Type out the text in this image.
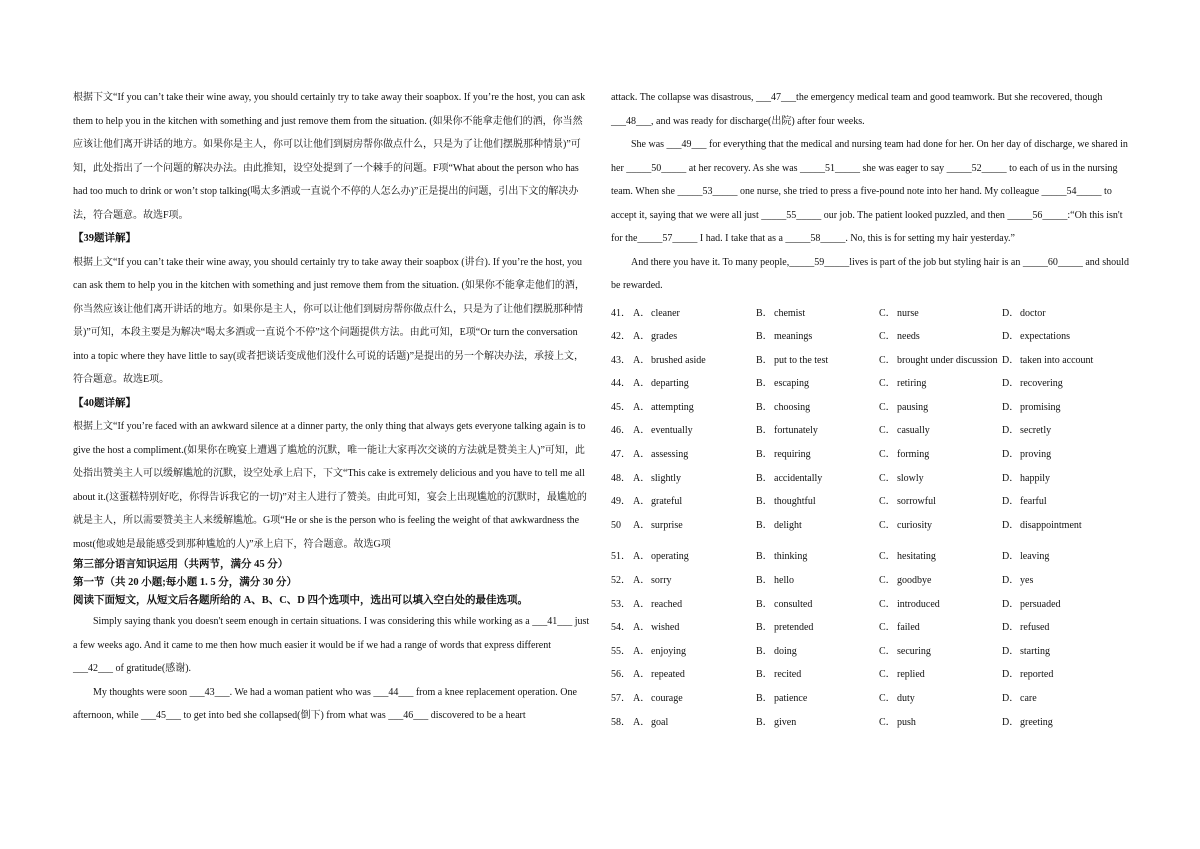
根据下文“If you can’t take their wine away, you should certainly try to take away their soapbox. If you’re the host, you can ask them to help you in the kitchen with something and just remove them from the situation. (如果你不能拿走他们的酒，你当然应该让他们离开讲话的地方。如果你是主人，你可以让他们到厨房帮你做点什么，只是为了让他们摆脱那种情景)”可知，此处指出了一个问题的解决办法。由此推知，设空处提到了一个棘手的问题。F项“What about the person who has had too much to drink or won’t stop talking(喝太多酒或一直说个不停的人怎么办)”正是提出的问题，引出下文的解决办法，符合题意。故选F项。

【39题详解】

根据上文“If you can’t take their wine away, you should certainly try to take away their soapbox (讲台). If you’re the host, you can ask them to help you in the kitchen with something and just remove them from the situation. (如果你不能拿走他们的酒，你当然应该让他们离开讲话的地方。如果你是主人，你可以让他们到厨房帮你做点什么，只是为了让他们摆脱那种情景)”可知，本段主要是为解决“喝太多酒或一直说个不停”这个问题提供方法。由此可知，E项“Or turn the conversation into a topic where they have little to say(或者把谈话变成他们没什么可说的话题)”是提出的另一个解决办法，承接上文，符合题意。故选E项。

【40题详解】

根据上文“If you’re faced with an awkward silence at a dinner party, the only thing that always gets everyone talking again is to give the host a compliment.(如果你在晚宴上遭遇了尴尬的沉默，唯一能让大家再次交谈的方法就是赞美主人)”可知，此处指出赞美主人可以缓解尴尬的沉默，设空处承上启下，下文“This cake is extremely delicious and you have to tell me all about it.(这蛋糕特别好吃，你得告诉我它的一切)”对主人进行了赞美。由此可知，宴会上出现尴尬的沉默时，最尴尬的就是主人，所以需要赞美主人来缓解尴尬。G项“He or she is the person who is feeling the weight of that awkwardness the most(他或她是最能感受到那种尴尬的人)”承上启下，符合题意。故选G项

第三部分语言知识运用（共两节，满分 45 分）

第一节（共 20 小题;每小题 1. 5 分，满分 30 分）

阅读下面短文，从短文后各题所给的 A、B、C、D 四个选项中，选出可以填入空白处的最佳选项。

Simply saying thank you doesn't seem enough in certain situations. I was considering this while working as a ___41___ just a few weeks ago. And it came to me then how much easier it would be if we had a range of words that express different ___42___ of gratitude(感谢).

My thoughts were soon ___43___. We had a woman patient who was ___44___ from a knee replacement operation. One afternoon, while ___45___ to get into bed she collapsed(倒下) from what was ___46___ discovered to be a heart

attack. The collapse was disastrous, ___47___the emergency medical team and good teamwork. But she recovered, though ___48___, and was ready for discharge(出院) after four weeks.

She was ___49___ for everything that the medical and nursing team had done for her. On her day of discharge, we shared in her _____50_____ at her recovery. As she was _____51_____ she was eager to say _____52_____ to each of us in the nursing team. When she _____53_____ one nurse, she tried to press a five-pound note into her hand. My colleague _____54_____ to accept it, saying that we were all just _____55_____ our job. The patient looked puzzled, and then _____56_____:“Oh this isn't for the_____57_____ I had. I take that as a _____58_____. No, this is for setting my hair yesterday.”

And there you have it. To many people,_____59_____lives is part of the job but styling hair is an _____60_____ and should be rewarded.

41． A． cleaner	B． chemist	C． nurse	D． doctor
42． A． grades	B． meanings	C． needs	D． expectations
43． A． brushed aside	B． put to the test	C． brought under discussion D． taken into account
44． A． departing	B． escaping	C． retiring	D． recovering
45． A． attempting	B． choosing	C． pausing	D． promising
46． A． eventually	B． fortunately	C． casually	D． secretly
47． A． assessing	B． requiring	C． forming	D． proving
48． A． slightly	B． accidentally	C． slowly	D． happily
49． A． grateful	B． thoughtful	C． sorrowful	D． fearful
50	A． surprise	B． delight	C． curiosity	D． disappointment
51． A． operating	B． thinking	C． hesitating	D． leaving
52． A． sorry	B． hello	C． goodbye	D． yes
53． A． reached	B． consulted	C． introduced	D． persuaded
54． A． wished	B． pretended	C． failed	D． refused
55． A． enjoying	B． doing	C． securing	D． starting
56． A． repeated	B． recited	C． replied	D． reported
57． A． courage	B． patience	C． duty	D． care
58． A． goal	B． given	C． push	D． greeting
